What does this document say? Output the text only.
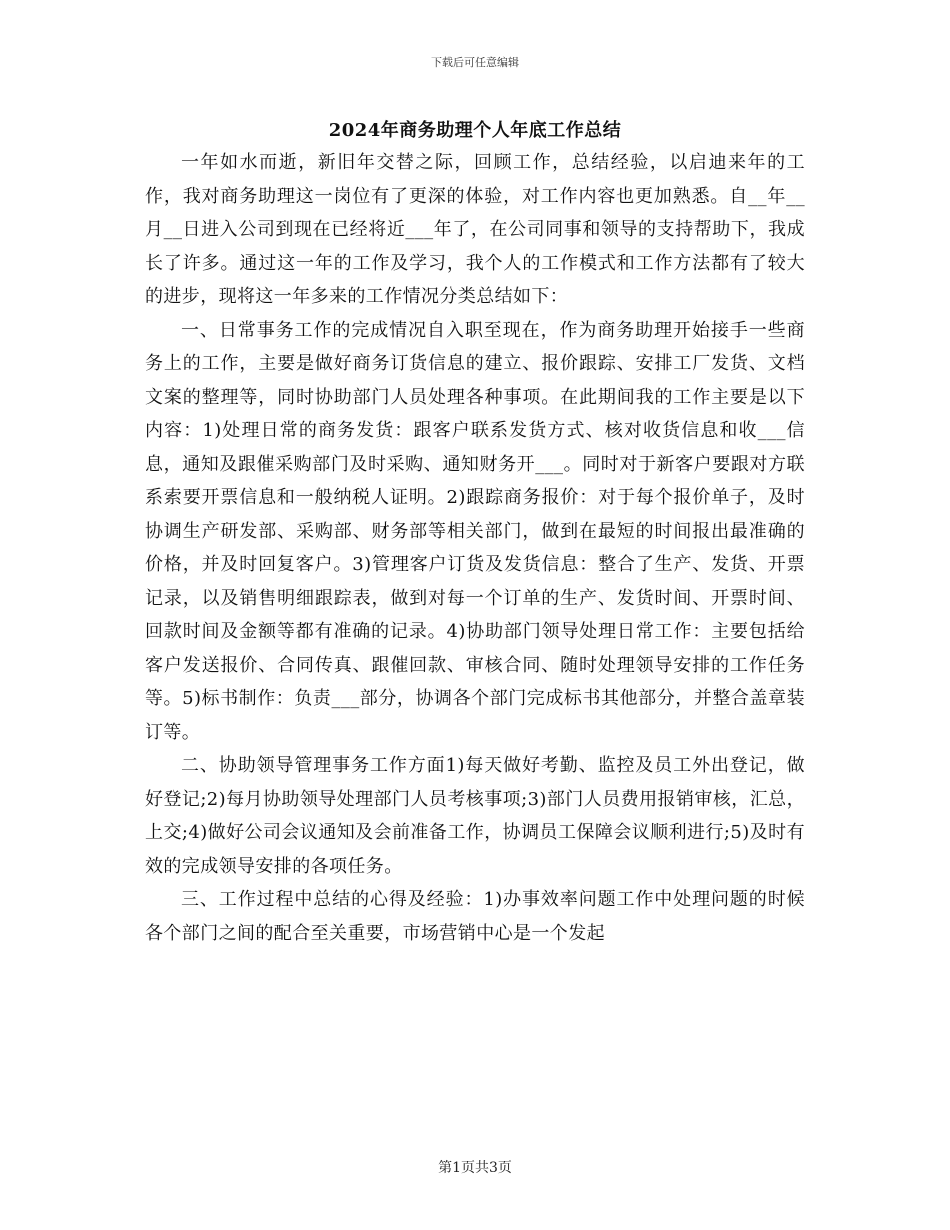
下载后可任意编辑
2024年商务助理个人年底工作总结

一年如水而逝，新旧年交替之际，回顾工作，总结经验，以启迪来年的工作，我对商务助理这一岗位有了更深的体验，对工作内容也更加熟悉。自__年__月__日进入公司到现在已经将近___年了，在公司同事和领导的支持帮助下，我成长了许多。通过这一年的工作及学习，我个人的工作模式和工作方法都有了较大的进步，现将这一年多来的工作情况分类总结如下：

一、日常事务工作的完成情况自入职至现在，作为商务助理开始接手一些商务上的工作，主要是做好商务订货信息的建立、报价跟踪、安排工厂发货、文档文案的整理等，同时协助部门人员处理各种事项。在此期间我的工作主要是以下内容：1)处理日常的商务发货：跟客户联系发货方式、核对收货信息和收___信息，通知及跟催采购部门及时采购、通知财务开___。同时对于新客户要跟对方联系索要开票信息和一般纳税人证明。2)跟踪商务报价：对于每个报价单子，及时协调生产研发部、采购部、财务部等相关部门，做到在最短的时间报出最准确的价格，并及时回复客户。3)管理客户订货及发货信息：整合了生产、发货、开票记录，以及销售明细跟踪表，做到对每一个订单的生产、发货时间、开票时间、回款时间及金额等都有准确的记录。4)协助部门领导处理日常工作：主要包括给客户发送报价、合同传真、跟催回款、审核合同、随时处理领导安排的工作任务等。5)标书制作：负责___部分，协调各个部门完成标书其他部分，并整合盖章装订等。

二、协助领导管理事务工作方面1)每天做好考勤、监控及员工外出登记，做好登记;2)每月协助领导处理部门人员考核事项;3)部门人员费用报销审核，汇总，上交;4)做好公司会议通知及会前准备工作，协调员工保障会议顺利进行;5)及时有效的完成领导安排的各项任务。

三、工作过程中总结的心得及经验：1)办事效率问题工作中处理问题的时候各个部门之间的配合至关重要，市场营销中心是一个发起

第1页共3页
